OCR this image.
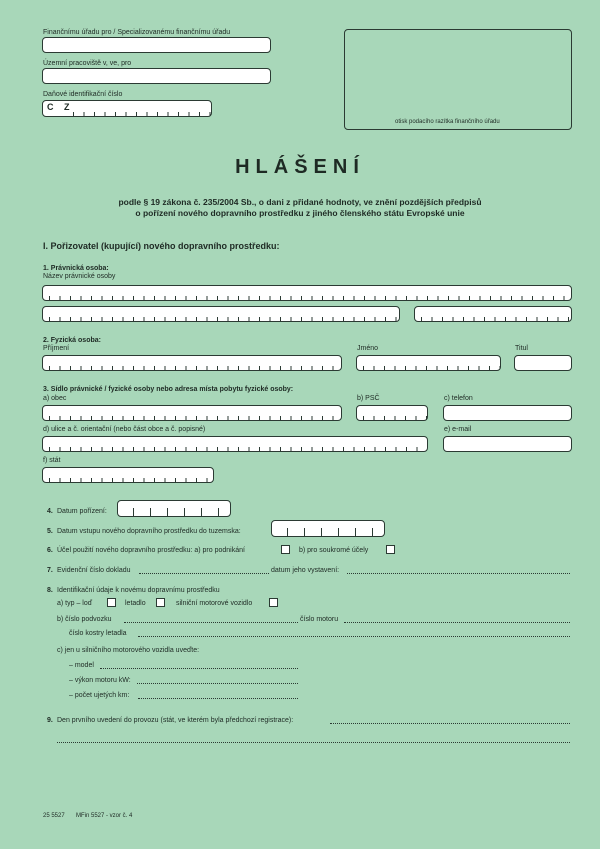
Finančnímu úřadu pro / Specializovanému finančnímu úřadu
Územní pracoviště v, ve, pro
Daňové identifikační číslo
C Z
otisk podacího razítka finančního úřadu
HLÁŠENÍ
podle § 19 zákona č. 235/2004 Sb., o dani z přidané hodnoty, ve znění pozdějších předpisů
o pořízení nového dopravního prostředku z jiného členského státu Evropské unie
I. Pořizovatel (kupující) nového dopravního prostředku:
1. Právnická osoba:
Název právnické osoby
2. Fyzická osoba:
Příjmení	Jméno	Titul
3. Sídlo právnické / fyzické osoby nebo adresa místa pobytu fyzické osoby:
a) obec	b) PSČ	c) telefon
d) ulice a č. orientační (nebo část obce a č. popisné)	e) e-mail
f) stát
4. Datum pořízení:
5. Datum vstupu nového dopravního prostředku do tuzemska:
6. Účel použití nového dopravního prostředku: a) pro podnikání	b) pro soukromé účely
7. Evidenční číslo dokladu	datum jeho vystavení:
8. Identifikační údaje k novému dopravnímu prostředku
a) typ – loď	letadlo	silniční motorové vozidlo
b) číslo podvozku	číslo motoru
číslo kostry letadla
c) jen u silničního motorového vozidla uveďte:
– model
– výkon motoru kW:
– počet ujetých km:
9. Den prvního uvedení do provozu (stát, ve kterém byla předchozí registrace):
25 5527 MFin 5527 - vzor č. 4
